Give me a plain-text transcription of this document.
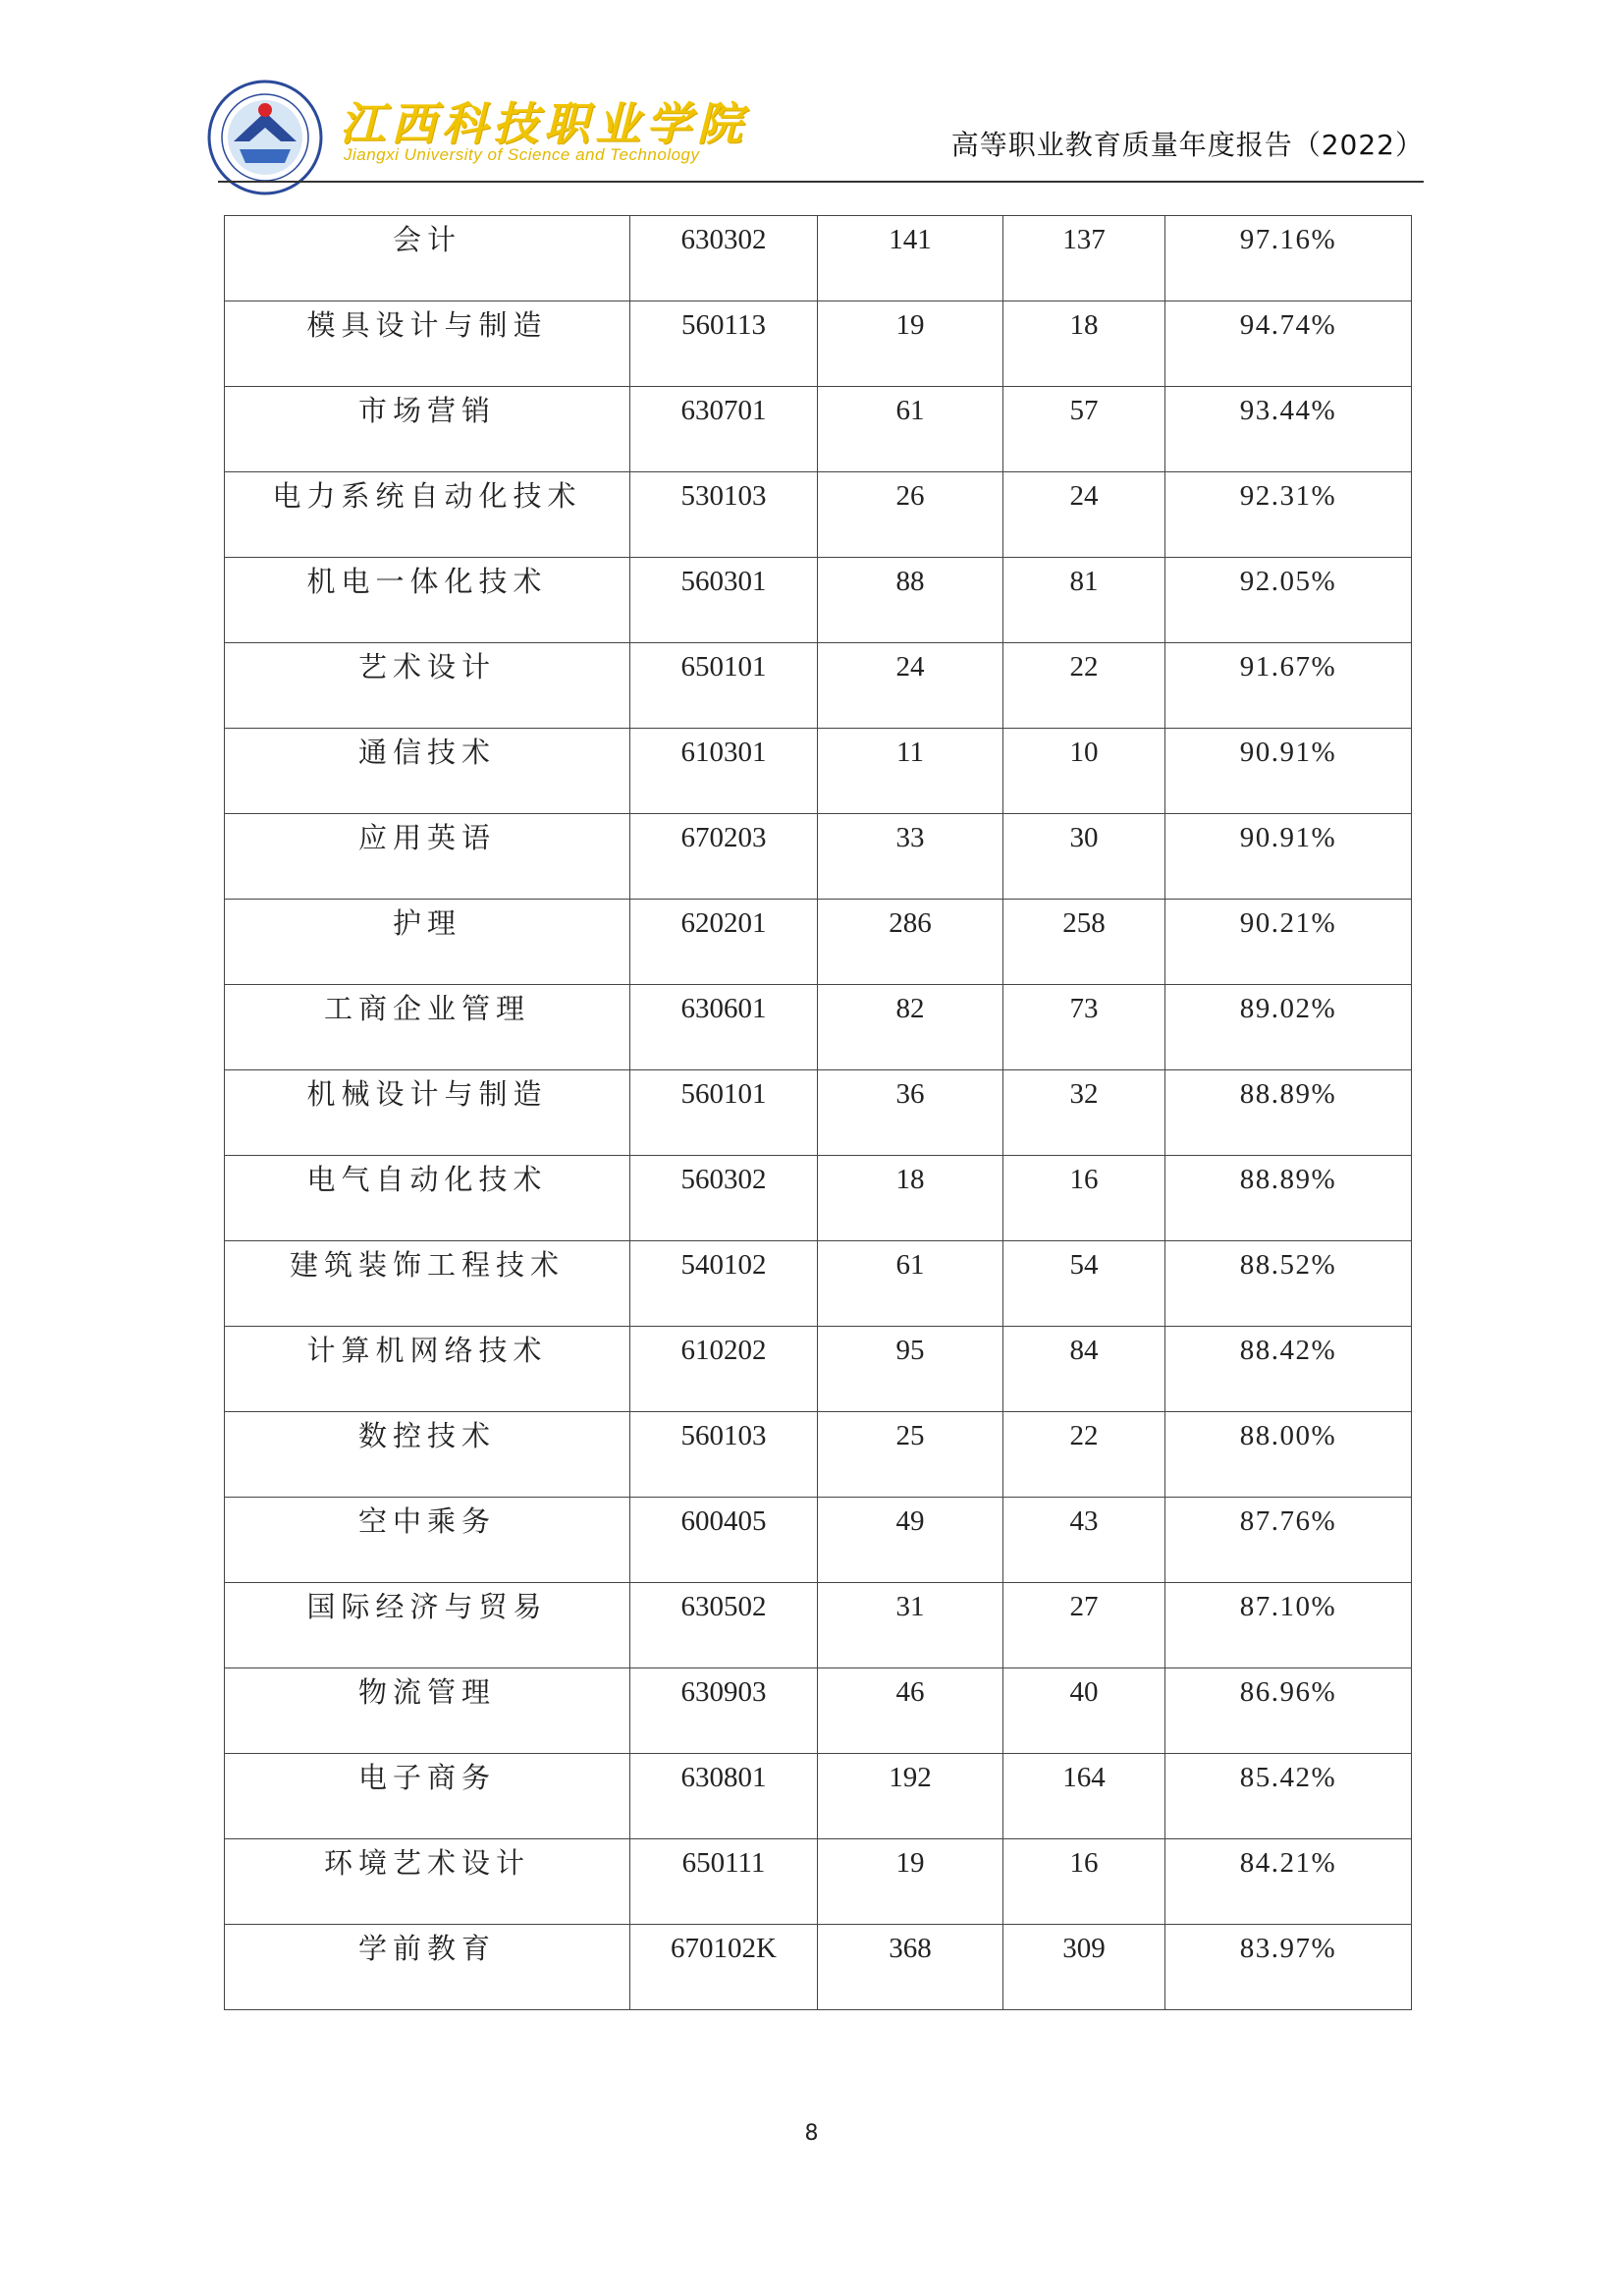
江西科技职业学院
Jiangxi University of Science and Technology	高等职业教育质量年度报告（2022）
会计	630302	141	137	97.16%

模具设计与制造	560113	19	18	94.74%

市场营销	630701	61	57	93.44%

电力系统自动化技术	530103	26	24	92.31%

机电一体化技术	560301	88	81	92.05%

艺术设计	650101	24	22	91.67%

通信技术	610301	11	10	90.91%

应用英语	670203	33	30	90.91%

护理	620201	286	258	90.21%

工商企业管理	630601	82	73	89.02%

机械设计与制造	560101	36	32	88.89%

电气自动化技术	560302	18	16	88.89%

建筑装饰工程技术	540102	61	54	88.52%

计算机网络技术	610202	95	84	88.42%

数控技术	560103	25	22	88.00%

空中乘务	600405	49	43	87.76%

国际经济与贸易	630502	31	27	87.10%

物流管理	630903	46	40	86.96%

电子商务	630801	192	164	85.42%

环境艺术设计	650111	19	16	84.21%

学前教育	670102K	368	309	83.97%
8
